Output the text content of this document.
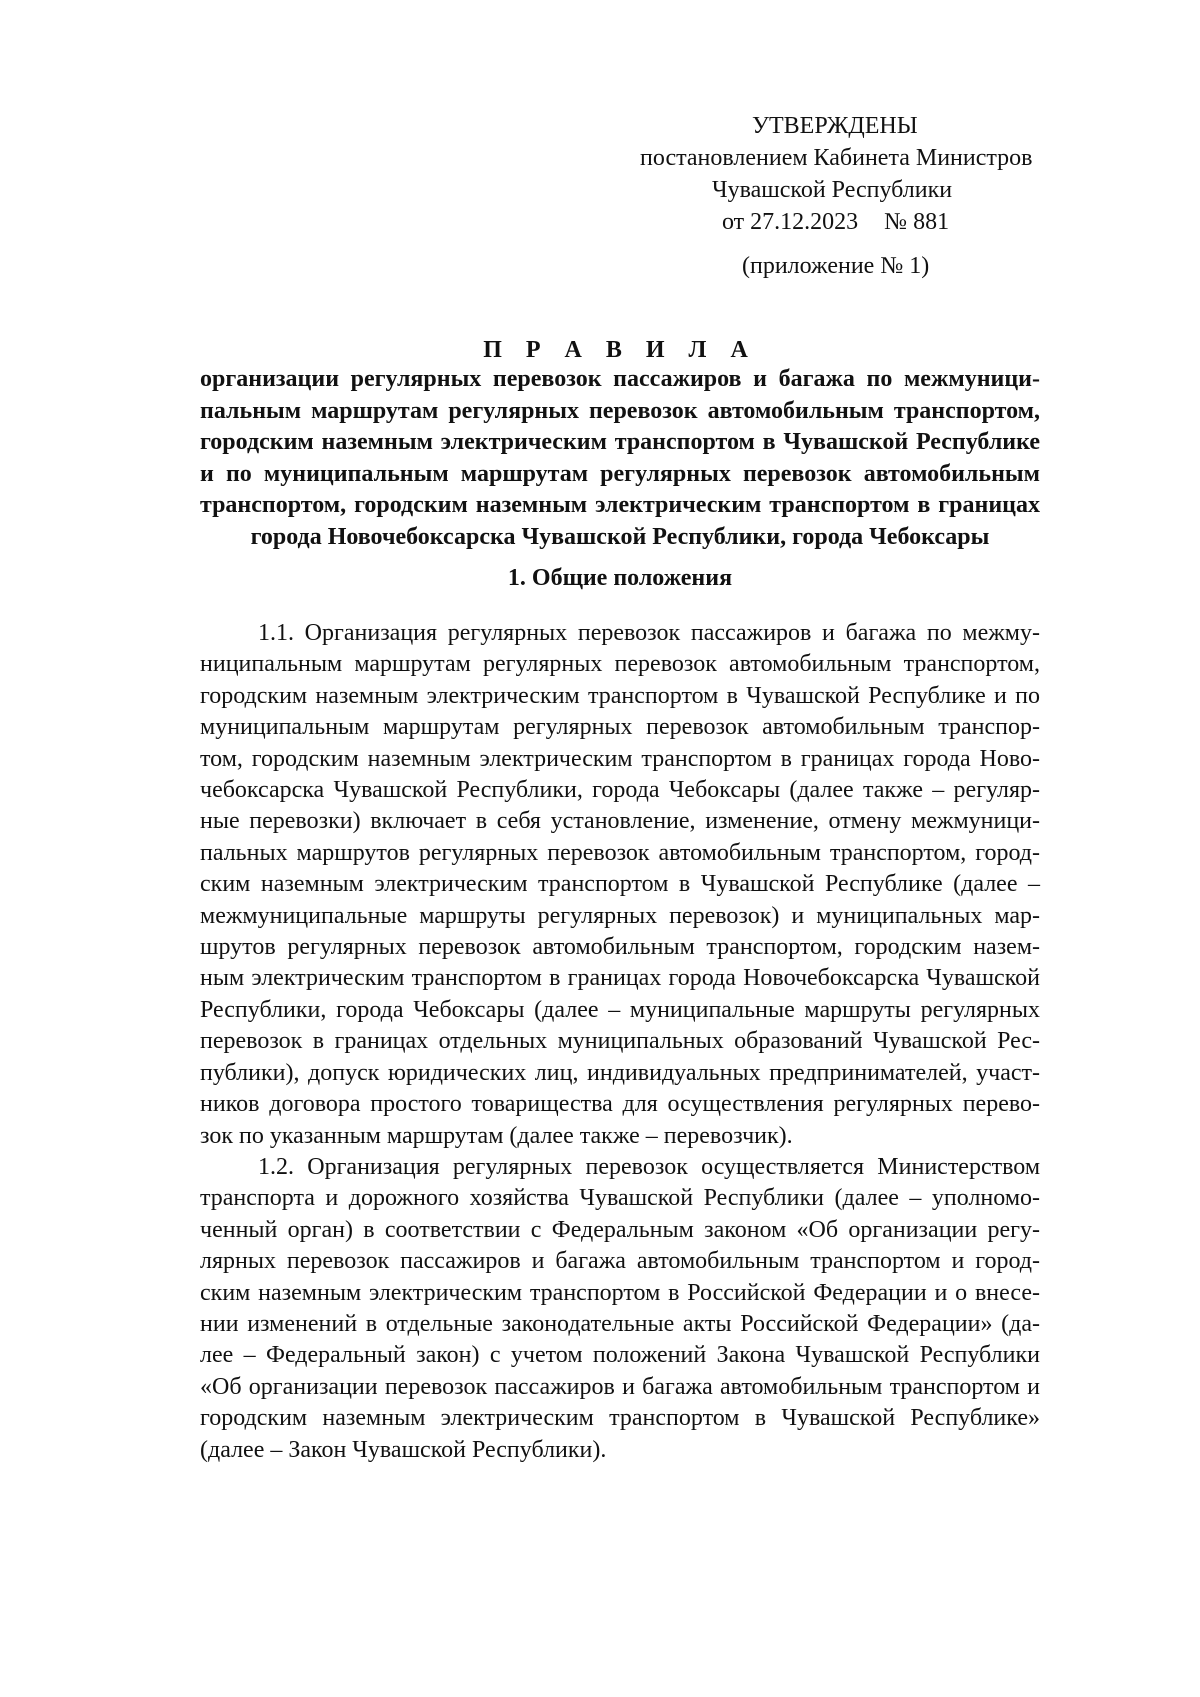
УТВЕРЖДЕНЫ
постановлением Кабинета Министров
Чувашской Республики
от 27.12.2023 № 881
(приложение № 1)
П Р А В И Л А
организации регулярных перевозок пассажиров и багажа по межмуници-
пальным маршрутам регулярных перевозок автомобильным транспортом,
городским наземным электрическим транспортом в Чувашской Республике
и по муниципальным маршрутам регулярных перевозок автомобильным
транспортом, городским наземным электрическим транспортом в границах
города Новочебоксарска Чувашской Республики, города Чебоксары
1. Общие положения
1.1. Организация регулярных перевозок пассажиров и багажа по межму-
ниципальным маршрутам регулярных перевозок автомобильным транспортом,
городским наземным электрическим транспортом в Чувашской Республике и по
муниципальным маршрутам регулярных перевозок автомобильным транспор-
том, городским наземным электрическим транспортом в границах города Ново-
чебоксарска Чувашской Республики, города Чебоксары (далее также – регуляр-
ные перевозки) включает в себя установление, изменение, отмену межмуници-
пальных маршрутов регулярных перевозок автомобильным транспортом, город-
ским наземным электрическим транспортом в Чувашской Республике (далее –
межмуниципальные маршруты регулярных перевозок) и муниципальных мар-
шрутов регулярных перевозок автомобильным транспортом, городским назем-
ным электрическим транспортом в границах города Новочебоксарска Чувашской
Республики, города Чебоксары (далее – муниципальные маршруты регулярных
перевозок в границах отдельных муниципальных образований Чувашской Рес-
публики), допуск юридических лиц, индивидуальных предпринимателей, участ-
ников договора простого товарищества для осуществления регулярных перево-
зок по указанным маршрутам (далее также – перевозчик).
1.2. Организация регулярных перевозок осуществляется Министерством
транспорта и дорожного хозяйства Чувашской Республики (далее – уполномо-
ченный орган) в соответствии с Федеральным законом «Об организации регу-
лярных перевозок пассажиров и багажа автомобильным транспортом и город-
ским наземным электрическим транспортом в Российской Федерации и о внесе-
нии изменений в отдельные законодательные акты Российской Федерации» (да-
лее – Федеральный закон) с учетом положений Закона Чувашской Республики
«Об организации перевозок пассажиров и багажа автомобильным транспортом и
городским наземным электрическим транспортом в Чувашской Республике»
(далее – Закон Чувашской Республики).
